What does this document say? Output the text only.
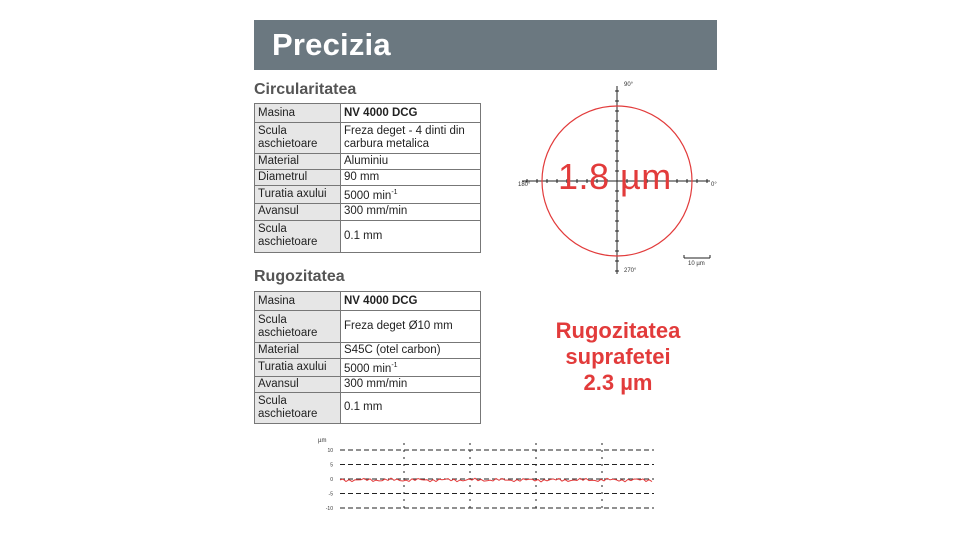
Precizia
Circularitatea
Masina	NV 4000 DCG
Scula aschietoare	Freza deget - 4 dinti din carbura metalica
Material	Aluminiu
Diametrul	90 mm
Turatia axului	5000 $\min^{-1}$
Avansul	300 mm/min
Scula aschietoare	0.1 mm
90°
180°	0°
270°
10 µm
1.8 µm
Rugozitatea
Masina	NV 4000 DCG
Scula aschietoare	Freza deget Ø10 mm
Material	S45C (otel carbon)
Turatia axului	5000 $\min^{-1}$
Avansul	300 mm/min
Scula aschietoare	0.1 mm
Rugozitatea
suprafetei
2.3 µm
µm
10
5
0
-5
-10
